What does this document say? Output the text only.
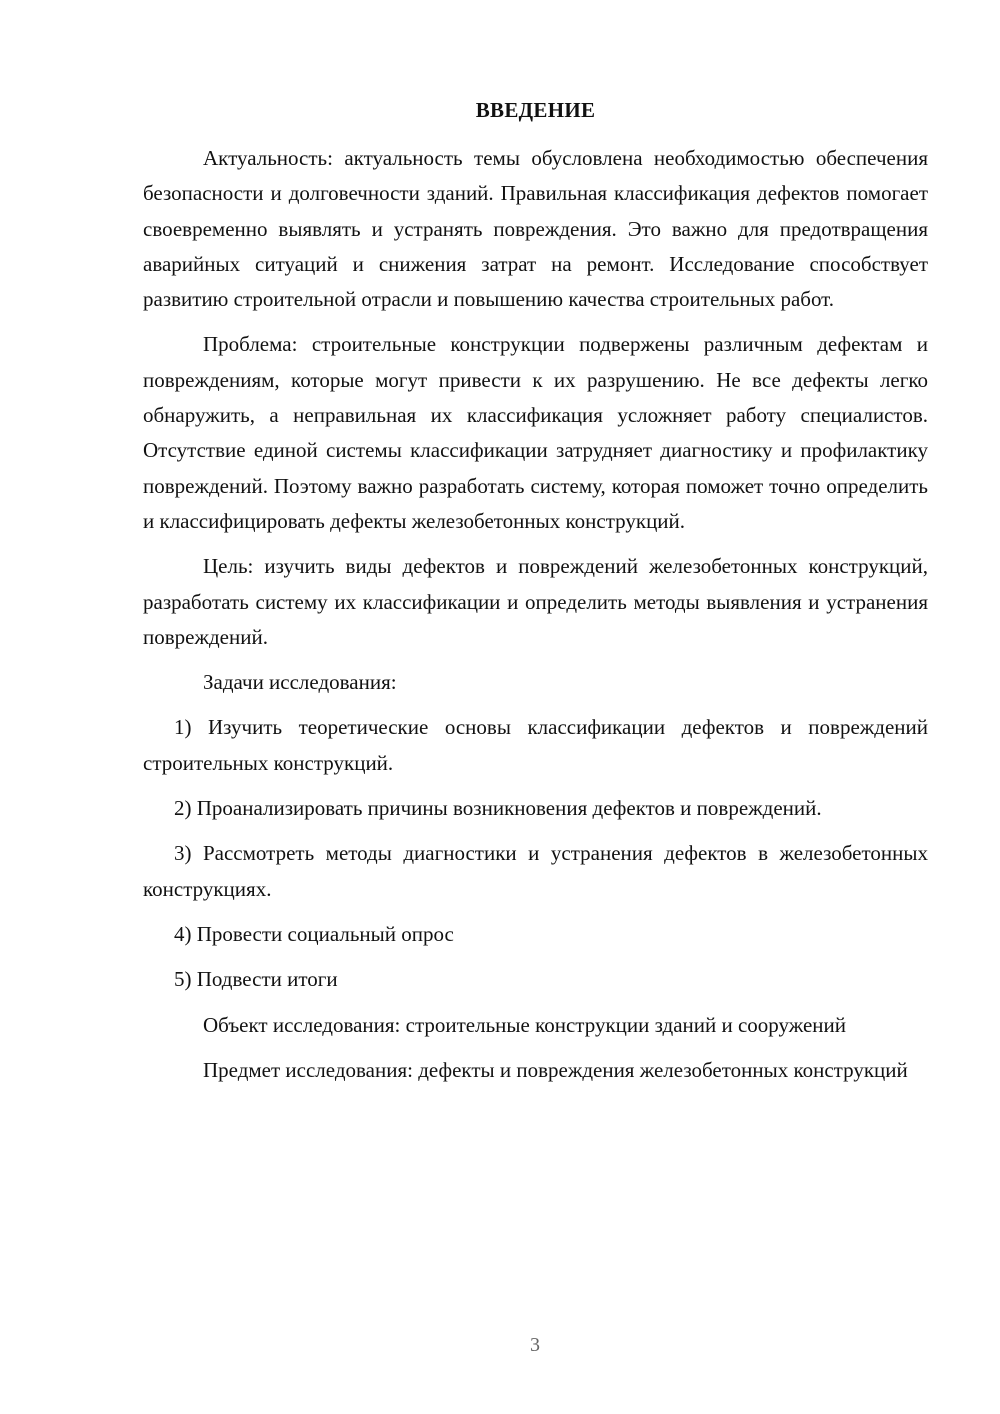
ВВЕДЕНИЕ

Актуальность: актуальность темы обусловлена необходимостью обеспечения безопасности и долговечности зданий. Правильная классификация дефектов помогает своевременно выявлять и устранять повреждения. Это важно для предотвращения аварийных ситуаций и снижения затрат на ремонт. Исследование способствует развитию строительной отрасли и повышению качества строительных работ.

Проблема: строительные конструкции подвержены различным дефектам и повреждениям, которые могут привести к их разрушению. Не все дефекты легко обнаружить, а неправильная их классификация усложняет работу специалистов. Отсутствие единой системы классификации затрудняет диагностику и профилактику повреждений. Поэтому важно разработать систему, которая поможет точно определить и классифицировать дефекты железобетонных конструкций.

Цель: изучить виды дефектов и повреждений железобетонных конструкций, разработать систему их классификации и определить методы выявления и устранения повреждений.

Задачи исследования:

1) Изучить теоретические основы классификации дефектов и повреждений строительных конструкций.

2) Проанализировать причины возникновения дефектов и повреждений.

3) Рассмотреть методы диагностики и устранения дефектов в железобетонных конструкциях.

4) Провести социальный опрос

5) Подвести итоги

Объект исследования: строительные конструкции зданий и сооружений

Предмет исследования: дефекты и повреждения железобетонных конструкций

3
